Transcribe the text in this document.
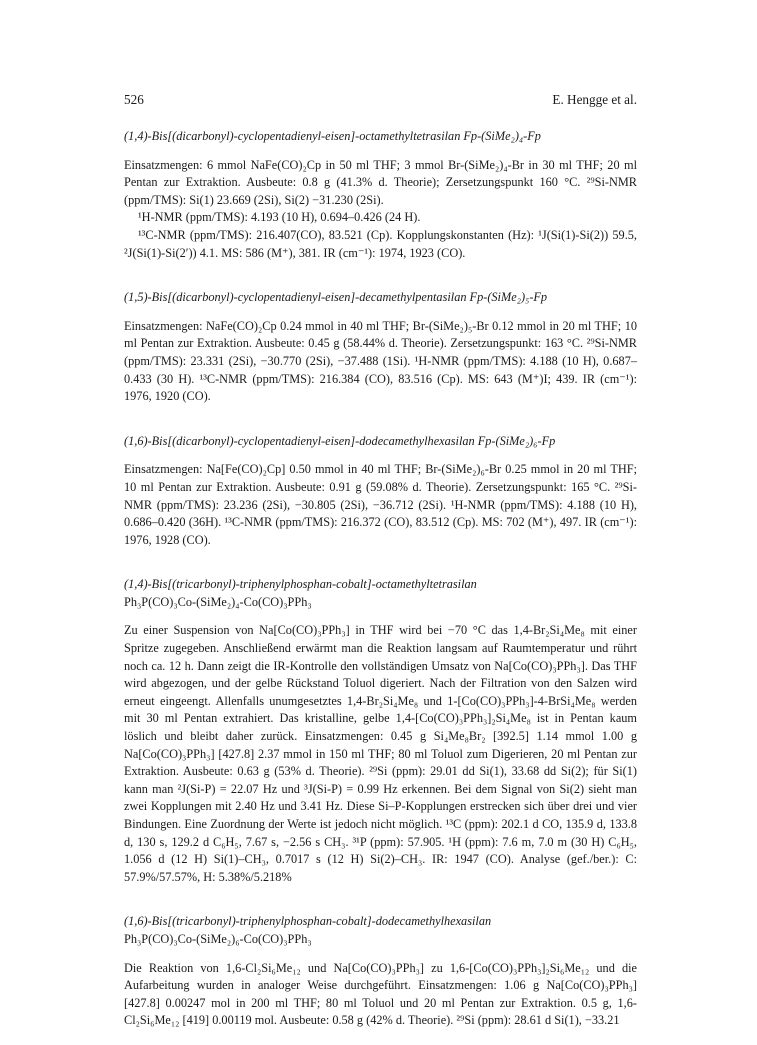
526	E. Hengge et al.

(1,4)-Bis[(dicarbonyl)-cyclopentadienyl-eisen]-octamethyltetrasilan Fp-(SiMe₂)₄-Fp

Einsatzmengen: 6 mmol NaFe(CO)₂Cp in 50 ml THF; 3 mmol Br-(SiMe₂)₄-Br in 30 ml THF; 20 ml Pentan zur Extraktion. Ausbeute: 0.8 g (41.3% d. Theorie); Zersetzungspunkt 160 °C. ²⁹Si-NMR (ppm/TMS): Si(1) 23.669 (2Si), Si(2) −31.230 (2Si).

¹H-NMR (ppm/TMS): 4.193 (10 H), 0.694–0.426 (24 H).

¹³C-NMR (ppm/TMS): 216.407(CO), 83.521 (Cp). Kopplungskonstanten (Hz): ¹J(Si(1)-Si(2)) 59.5, ²J(Si(1)-Si(2′)) 4.1. MS: 586 (M⁺), 381. IR (cm⁻¹): 1974, 1923 (CO).

(1,5)-Bis[(dicarbonyl)-cyclopentadienyl-eisen]-decamethylpentasilan Fp-(SiMe₂)₅-Fp

Einsatzmengen: NaFe(CO)₂Cp 0.24 mmol in 40 ml THF; Br-(SiMe₂)₅-Br 0.12 mmol in 20 ml THF; 10 ml Pentan zur Extraktion. Ausbeute: 0.45 g (58.44% d. Theorie). Zersetzungspunkt: 163 °C. ²⁹Si-NMR (ppm/TMS): 23.331 (2Si), −30.770 (2Si), −37.488 (1Si). ¹H-NMR (ppm/TMS): 4.188 (10 H), 0.687–0.433 (30 H). ¹³C-NMR (ppm/TMS): 216.384 (CO), 83.516 (Cp). MS: 643 (M⁺)I; 439. IR (cm⁻¹): 1976, 1920 (CO).

(1,6)-Bis[(dicarbonyl)-cyclopentadienyl-eisen]-dodecamethylhexasilan Fp-(SiMe₂)₆-Fp

Einsatzmengen: Na[Fe(CO)₂Cp] 0.50 mmol in 40 ml THF; Br-(SiMe₂)₆-Br 0.25 mmol in 20 ml THF; 10 ml Pentan zur Extraktion. Ausbeute: 0.91 g (59.08% d. Theorie). Zersetzungspunkt: 165 °C. ²⁹Si-NMR (ppm/TMS): 23.236 (2Si), −30.805 (2Si), −36.712 (2Si). ¹H-NMR (ppm/TMS): 4.188 (10 H), 0.686–0.420 (36H). ¹³C-NMR (ppm/TMS): 216.372 (CO), 83.512 (Cp). MS: 702 (M⁺), 497. IR (cm⁻¹): 1976, 1928 (CO).

(1,4)-Bis[(tricarbonyl)-triphenylphosphan-cobalt]-octamethyltetrasilan

Ph₃P(CO)₃Co-(SiMe₂)₄-Co(CO)₃PPh₃

Zu einer Suspension von Na[Co(CO)₃PPh₃] in THF wird bei −70 °C das 1,4-Br₂Si₄Me₈ mit einer Spritze zugegeben. Anschließend erwärmt man die Reaktion langsam auf Raumtemperatur und rührt noch ca. 12 h. Dann zeigt die IR-Kontrolle den vollständigen Umsatz von Na[Co(CO)₃PPh₃]. Das THF wird abgezogen, und der gelbe Rückstand Toluol digeriert. Nach der Filtration von den Salzen wird erneut eingeengt. Allenfalls unumgesetztes 1,4-Br₂Si₄Me₈ und 1-[Co(CO)₃PPh₃]-4-BrSi₄Me₈ werden mit 30 ml Pentan extrahiert. Das kristalline, gelbe 1,4-[Co(CO)₃PPh₃]₂Si₄Me₈ ist in Pentan kaum löslich und bleibt daher zurück. Einsatzmengen: 0.45 g Si₄Me₈Br₂ [392.5] 1.14 mmol 1.00 g Na[Co(CO)₃PPh₃] [427.8] 2.37 mmol in 150 ml THF; 80 ml Toluol zum Digerieren, 20 ml Pentan zur Extraktion. Ausbeute: 0.63 g (53% d. Theorie). ²⁹Si (ppm): 29.01 dd Si(1), 33.68 dd Si(2); für Si(1) kann man ²J(Si-P) = 22.07 Hz und ³J(Si-P) = 0.99 Hz erkennen. Bei dem Signal von Si(2) sieht man zwei Kopplungen mit 2.40 Hz und 3.41 Hz. Diese Si–P-Kopplungen erstrecken sich über drei und vier Bindungen. Eine Zuordnung der Werte ist jedoch nicht möglich. ¹³C (ppm): 202.1 d CO, 135.9 d, 133.8 d, 130 s, 129.2 d C₆H₅, 7.67 s, −2.56 s CH₃. ³¹P (ppm): 57.905. ¹H (ppm): 7.6 m, 7.0 m (30 H) C₆H₅, 1.056 d (12 H) Si(1)–CH₃, 0.7017 s (12 H) Si(2)–CH₃. IR: 1947 (CO). Analyse (gef./ber.): C: 57.9%/57.57%, H: 5.38%/5.218%

(1,6)-Bis[(tricarbonyl)-triphenylphosphan-cobalt]-dodecamethylhexasilan

Ph₃P(CO)₃Co-(SiMe₂)₆-Co(CO)₃PPh₃

Die Reaktion von 1,6-Cl₂Si₆Me₁₂ und Na[Co(CO)₃PPh₃] zu 1,6-[Co(CO)₃PPh₃]₂Si₆Me₁₂ und die Aufarbeitung wurden in analoger Weise durchgeführt. Einsatzmengen: 1.06 g Na[Co(CO)₃PPh₃] [427.8] 0.00247 mol in 200 ml THF; 80 ml Toluol und 20 ml Pentan zur Extraktion. 0.5 g, 1,6-Cl₂Si₆Me₁₂ [419] 0.00119 mol. Ausbeute: 0.58 g (42% d. Theorie). ²⁹Si (ppm): 28.61 d Si(1), −33.21
